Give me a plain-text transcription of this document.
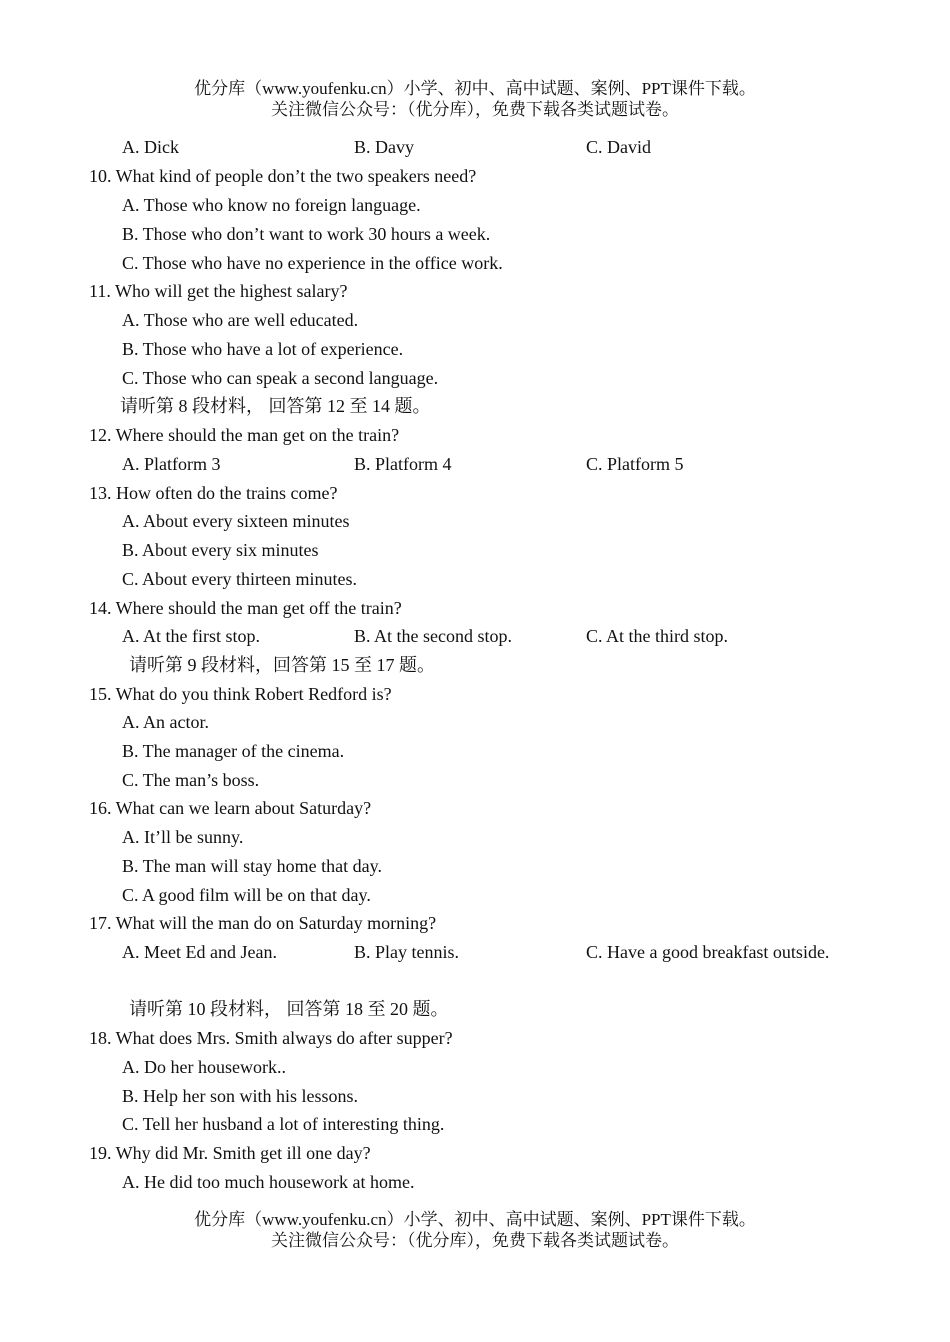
优分库（www.youfenku.cn）小学、初中、高中试题、案例、PPT课件下载。
关注微信公众号：（优分库），免费下载各类试题试卷。
A. Dick	B. Davy	C. David
10. What kind of people don’t the two speakers need?
A. Those who know no foreign language.
B. Those who don’t want to work 30 hours a week.
C. Those who have no experience in the office work.
11. Who will get the highest salary?
A. Those who are well educated.
B. Those who have a lot of experience.
C. Those who can speak a second language.
请听第 8 段材料， 回答第 12 至 14 题。
12. Where should the man get on the train?
A. Platform 3	B. Platform 4	C. Platform 5
13. How often do the trains come?
A. About every sixteen minutes
B. About every six minutes
C. About every thirteen minutes.
14. Where should the man get off the train?
A. At the first stop.	B. At the second stop.	C. At the third stop.
请听第 9 段材料，回答第 15 至 17 题。
15. What do you think Robert Redford is?
A. An actor.
B. The manager of the cinema.
C. The man’s boss.
16. What can we learn about Saturday?
A. It’ll be sunny.
B. The man will stay home that day.
C. A good film will be on that day.
17. What will the man do on Saturday morning?
A. Meet Ed and Jean.	B. Play tennis.	C. Have a good breakfast outside.
请听第 10 段材料， 回答第 18 至 20 题。
18. What does Mrs. Smith always do after supper?
A. Do her housework..
B. Help her son with his lessons.
C. Tell her husband a lot of interesting thing.
19. Why did Mr. Smith get ill one day?
A. He did too much housework at home.
优分库（www.youfenku.cn）小学、初中、高中试题、案例、PPT课件下载。
关注微信公众号：（优分库），免费下载各类试题试卷。
